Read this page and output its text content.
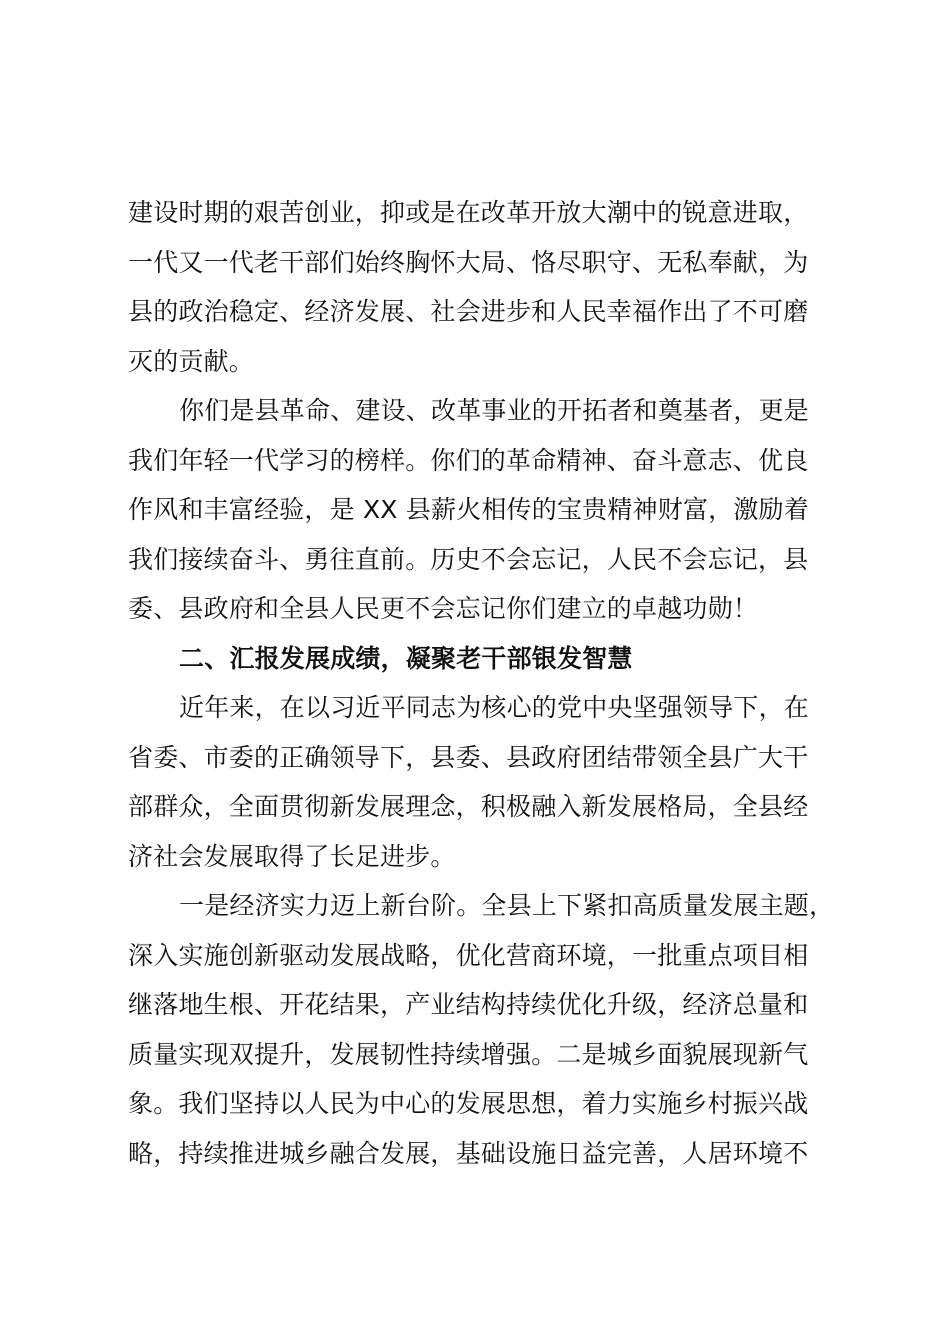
建设时期的艰苦创业，抑或是在改革开放大潮中的锐意进取，
一代又一代老干部们始终胸怀大局、恪尽职守、无私奉献，为
县的政治稳定、经济发展、社会进步和人民幸福作出了不可磨
灭的贡献。
你们是县革命、建设、改革事业的开拓者和奠基者，更是
我们年轻一代学习的榜样。你们的革命精神、奋斗意志、优良
作风和丰富经验，是 XX 县薪火相传的宝贵精神财富，激励着
我们接续奋斗、勇往直前。历史不会忘记，人民不会忘记，县
委、县政府和全县人民更不会忘记你们建立的卓越功勋！
二、汇报发展成绩，凝聚老干部银发智慧
近年来，在以习近平同志为核心的党中央坚强领导下，在
省委、市委的正确领导下，县委、县政府团结带领全县广大干
部群众，全面贯彻新发展理念，积极融入新发展格局，全县经
济社会发展取得了长足进步。
一是经济实力迈上新台阶。全县上下紧扣高质量发展主题，
深入实施创新驱动发展战略，优化营商环境，一批重点项目相
继落地生根、开花结果，产业结构持续优化升级，经济总量和
质量实现双提升，发展韧性持续增强。二是城乡面貌展现新气
象。我们坚持以人民为中心的发展思想，着力实施乡村振兴战
略，持续推进城乡融合发展，基础设施日益完善，人居环境不
